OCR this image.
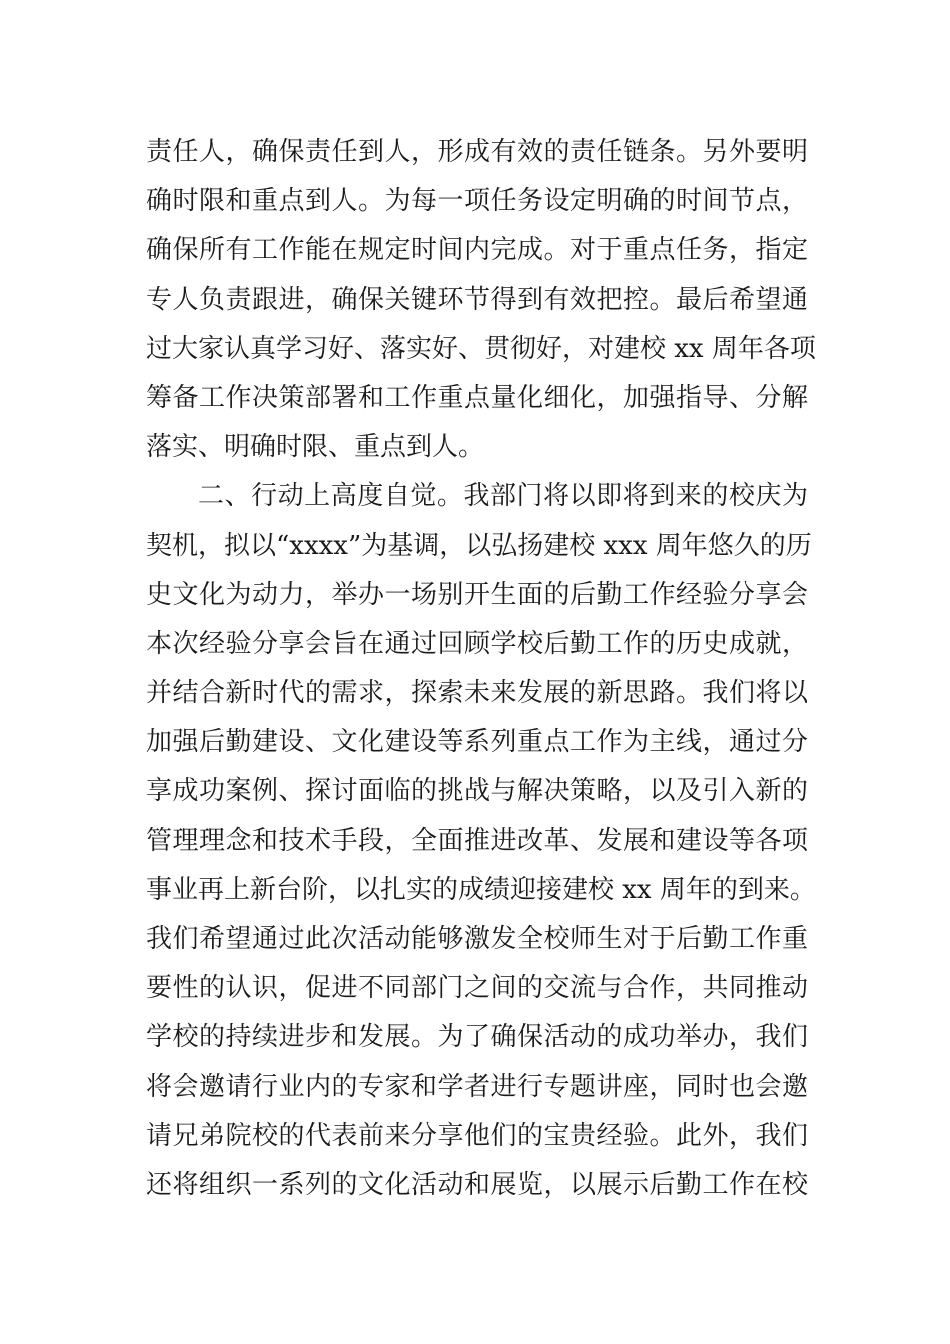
责任人，确保责任到人，形成有效的责任链条。另外要明
确时限和重点到人。为每一项任务设定明确的时间节点，
确保所有工作能在规定时间内完成。对于重点任务，指定
专人负责跟进，确保关键环节得到有效把控。最后希望通
过大家认真学习好、落实好、贯彻好，对建校 xx 周年各项
筹备工作决策部署和工作重点量化细化，加强指导、分解
落实、明确时限、重点到人。
二、行动上高度自觉。我部门将以即将到来的校庆为
契机，拟以“xxxx”为基调，以弘扬建校 xxx 周年悠久的历
史文化为动力，举办一场别开生面的后勤工作经验分享会
本次经验分享会旨在通过回顾学校后勤工作的历史成就，
并结合新时代的需求，探索未来发展的新思路。我们将以
加强后勤建设、文化建设等系列重点工作为主线，通过分
享成功案例、探讨面临的挑战与解决策略，以及引入新的
管理理念和技术手段，全面推进改革、发展和建设等各项
事业再上新台阶，以扎实的成绩迎接建校 xx 周年的到来。
我们希望通过此次活动能够激发全校师生对于后勤工作重
要性的认识，促进不同部门之间的交流与合作，共同推动
学校的持续进步和发展。为了确保活动的成功举办，我们
将会邀请行业内的专家和学者进行专题讲座，同时也会邀
请兄弟院校的代表前来分享他们的宝贵经验。此外，我们
还将组织一系列的文化活动和展览，以展示后勤工作在校
